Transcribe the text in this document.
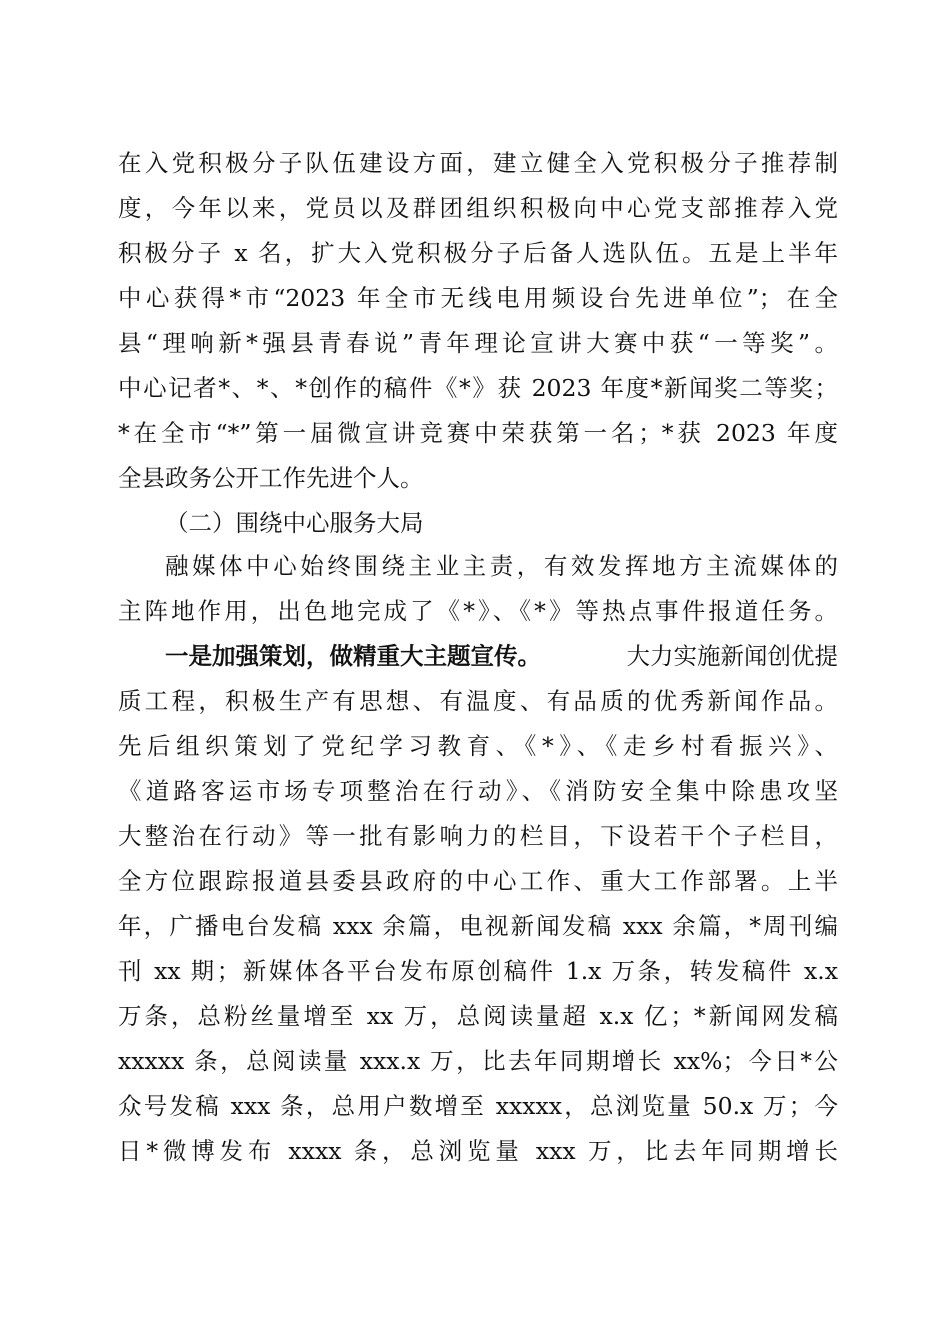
在入党积极分子队伍建设方面，建立健全入党积极分子推荐制
度，今年以来，党员以及群团组织积极向中心党支部推荐入党
积极分子 x 名，扩大入党积极分子后备人选队伍。五是上半年
中心获得*市“2023 年全市无线电用频设台先进单位”；在全
县“理响新*强县青春说”青年理论宣讲大赛中获“一等奖”。
中心记者*、*、*创作的稿件《*》获 2023 年度*新闻奖二等奖；
*在全市“*”第一届微宣讲竞赛中荣获第一名；*获 2023 年度
全县政务公开工作先进个人。
（二）围绕中心服务大局
融媒体中心始终围绕主业主责，有效发挥地方主流媒体的
主阵地作用，出色地完成了《*》、《*》等热点事件报道任务。
一是加强策划，做精重大主题宣传。	大力实施新闻创优提
质工程，积极生产有思想、有温度、有品质的优秀新闻作品。
先后组织策划了党纪学习教育、《*》、《走乡村看振兴》、
《道路客运市场专项整治在行动》、《消防安全集中除患攻坚
大整治在行动》等一批有影响力的栏目，下设若干个子栏目，
全方位跟踪报道县委县政府的中心工作、重大工作部署。上半
年，广播电台发稿 xxx 余篇，电视新闻发稿 xxx 余篇，*周刊编
刊 xx 期；新媒体各平台发布原创稿件 1.x 万条，转发稿件 x.x
万条，总粉丝量增至 xx 万，总阅读量超 x.x 亿；*新闻网发稿
xxxxx 条，总阅读量 xxx.x 万，比去年同期增长 xx%；今日*公
众号发稿 xxx 条，总用户数增至 xxxxx，总浏览量 50.x 万；今
日*微博发布 xxxx 条，总浏览量 xxx 万，比去年同期增长
